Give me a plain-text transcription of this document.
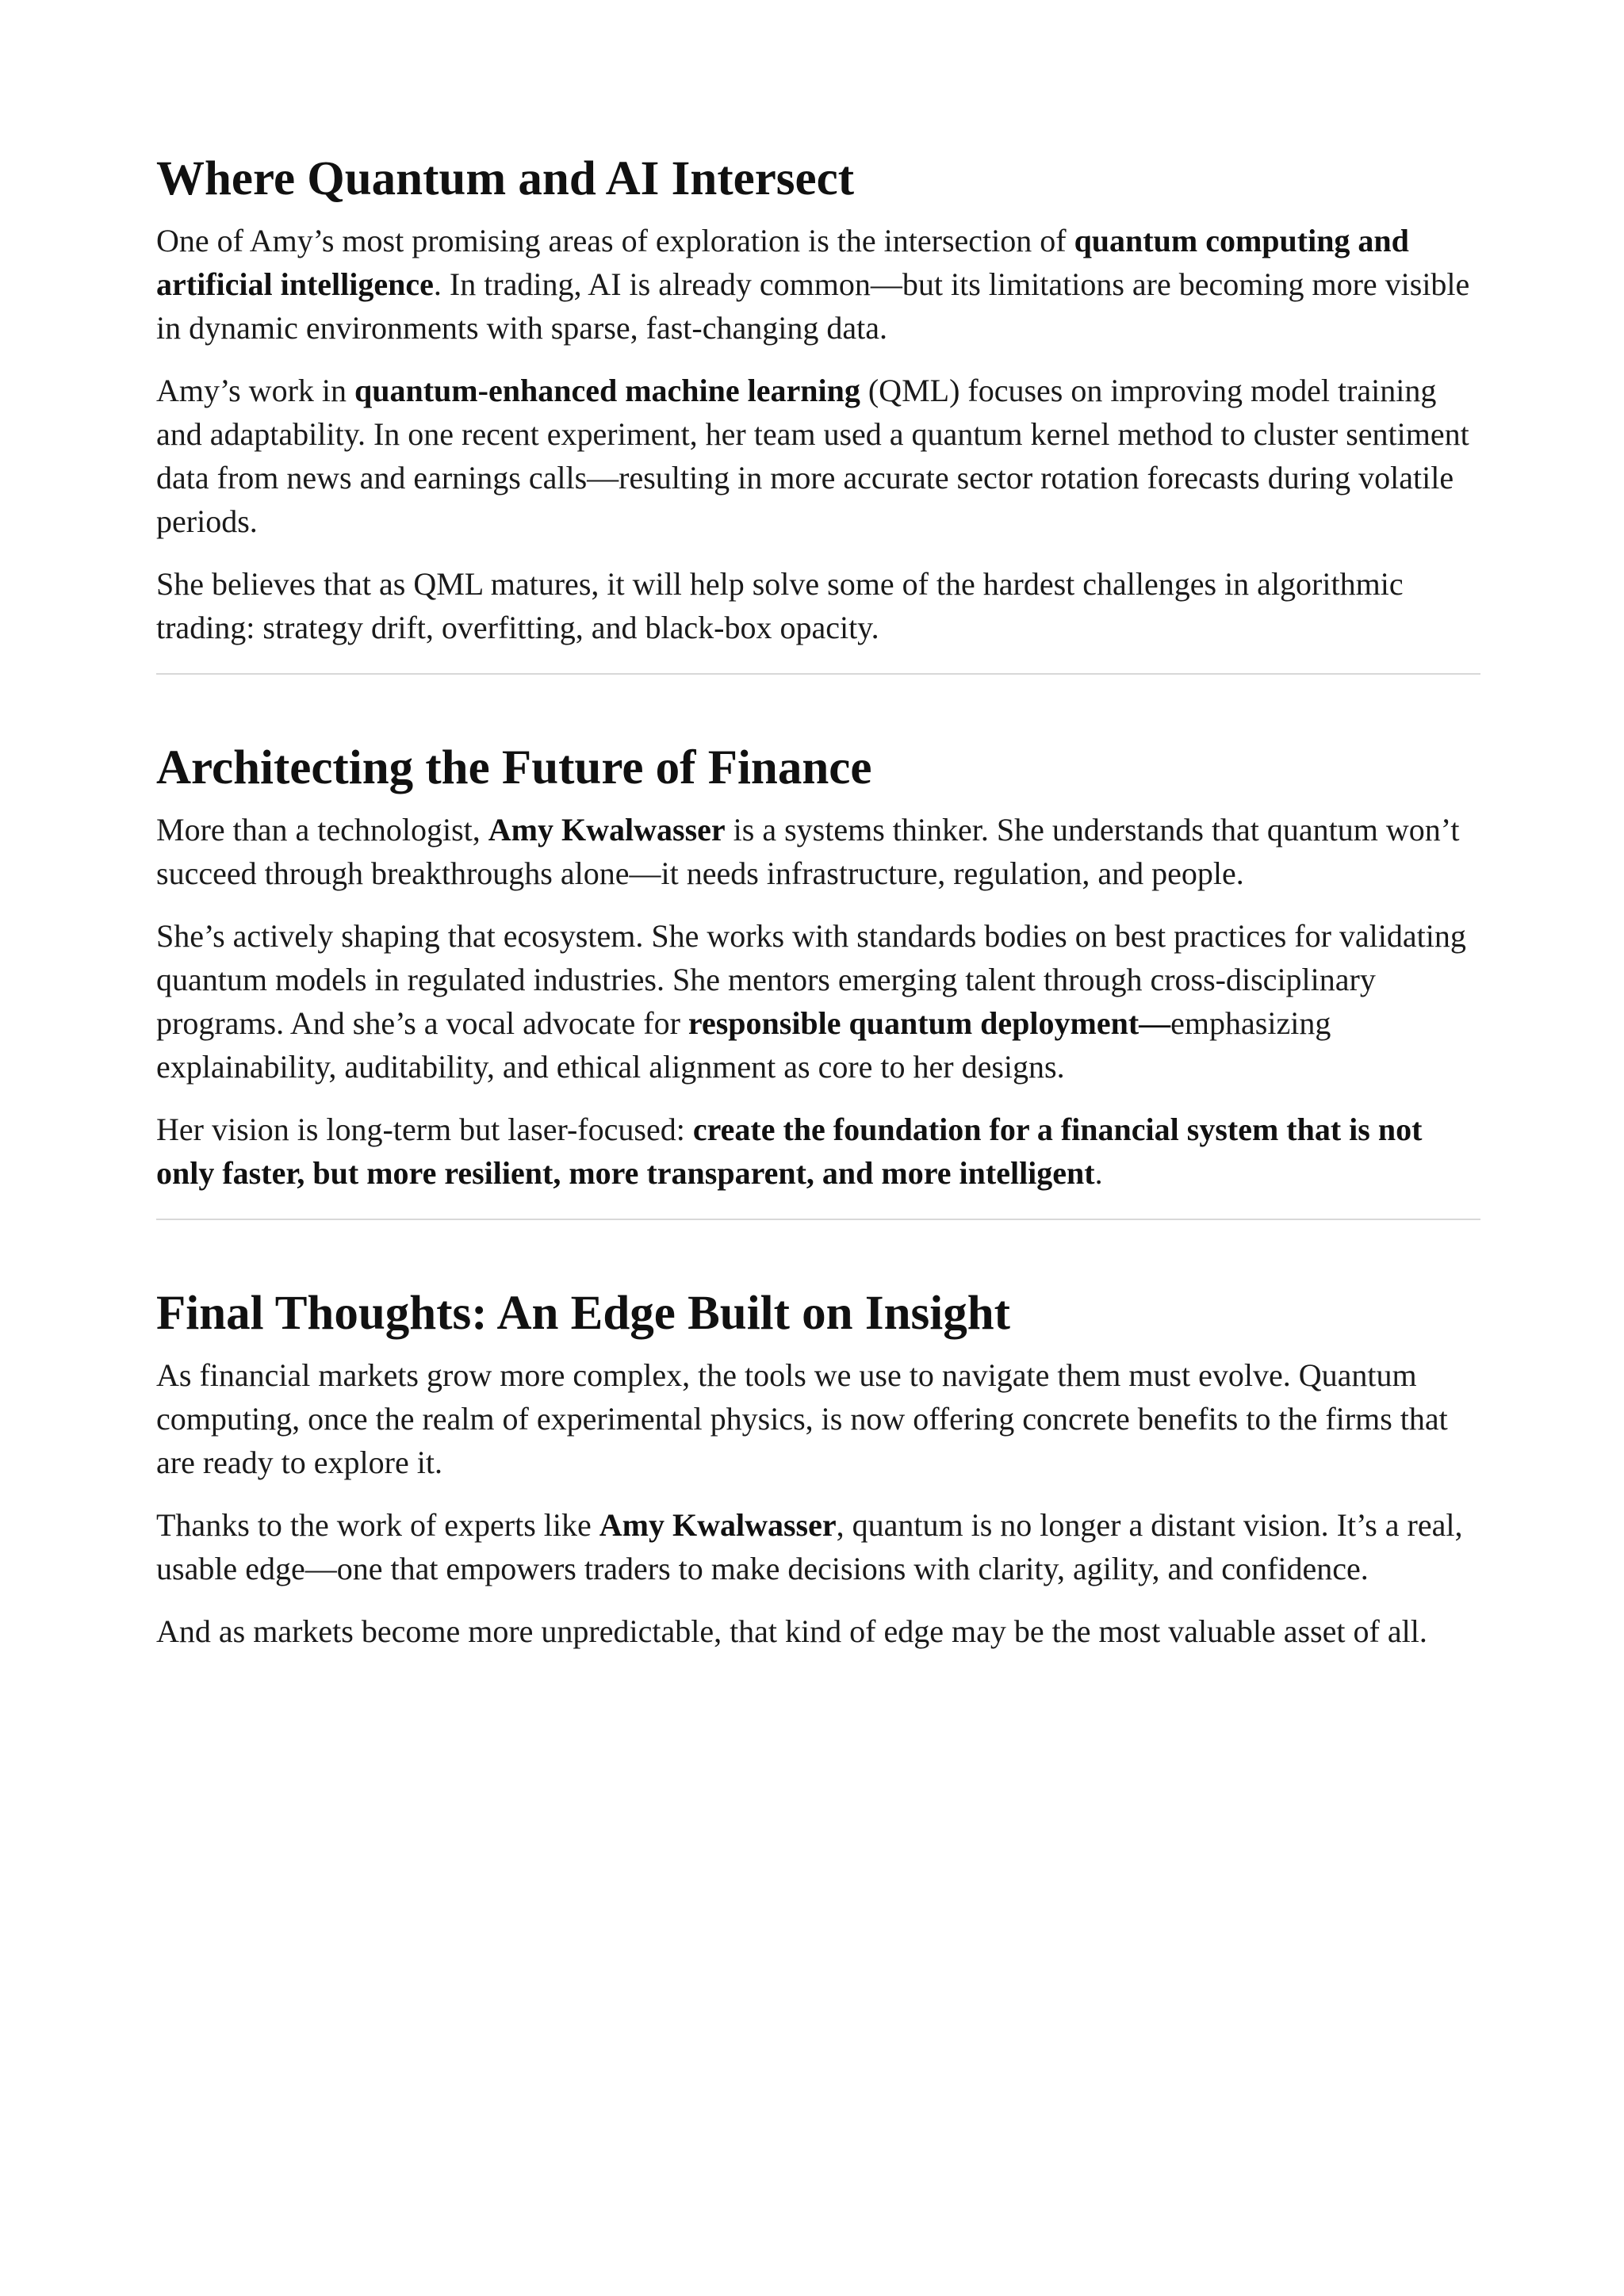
Where Quantum and AI Intersect

One of Amy’s most promising areas of exploration is the intersection of quantum computing and artificial intelligence. In trading, AI is already common—but its limitations are becoming more visible in dynamic environments with sparse, fast-changing data.

Amy’s work in quantum-enhanced machine learning (QML) focuses on improving model training and adaptability. In one recent experiment, her team used a quantum kernel method to cluster sentiment data from news and earnings calls—resulting in more accurate sector rotation forecasts during volatile periods.

She believes that as QML matures, it will help solve some of the hardest challenges in algorithmic trading: strategy drift, overfitting, and black-box opacity.

Architecting the Future of Finance

More than a technologist, Amy Kwalwasser is a systems thinker. She understands that quantum won’t succeed through breakthroughs alone—it needs infrastructure, regulation, and people.

She’s actively shaping that ecosystem. She works with standards bodies on best practices for validating quantum models in regulated industries. She mentors emerging talent through cross-disciplinary programs. And she’s a vocal advocate for responsible quantum deployment—emphasizing explainability, auditability, and ethical alignment as core to her designs.

Her vision is long-term but laser-focused: create the foundation for a financial system that is not only faster, but more resilient, more transparent, and more intelligent.

Final Thoughts: An Edge Built on Insight

As financial markets grow more complex, the tools we use to navigate them must evolve. Quantum computing, once the realm of experimental physics, is now offering concrete benefits to the firms that are ready to explore it.

Thanks to the work of experts like Amy Kwalwasser, quantum is no longer a distant vision. It’s a real, usable edge—one that empowers traders to make decisions with clarity, agility, and confidence.

And as markets become more unpredictable, that kind of edge may be the most valuable asset of all.
